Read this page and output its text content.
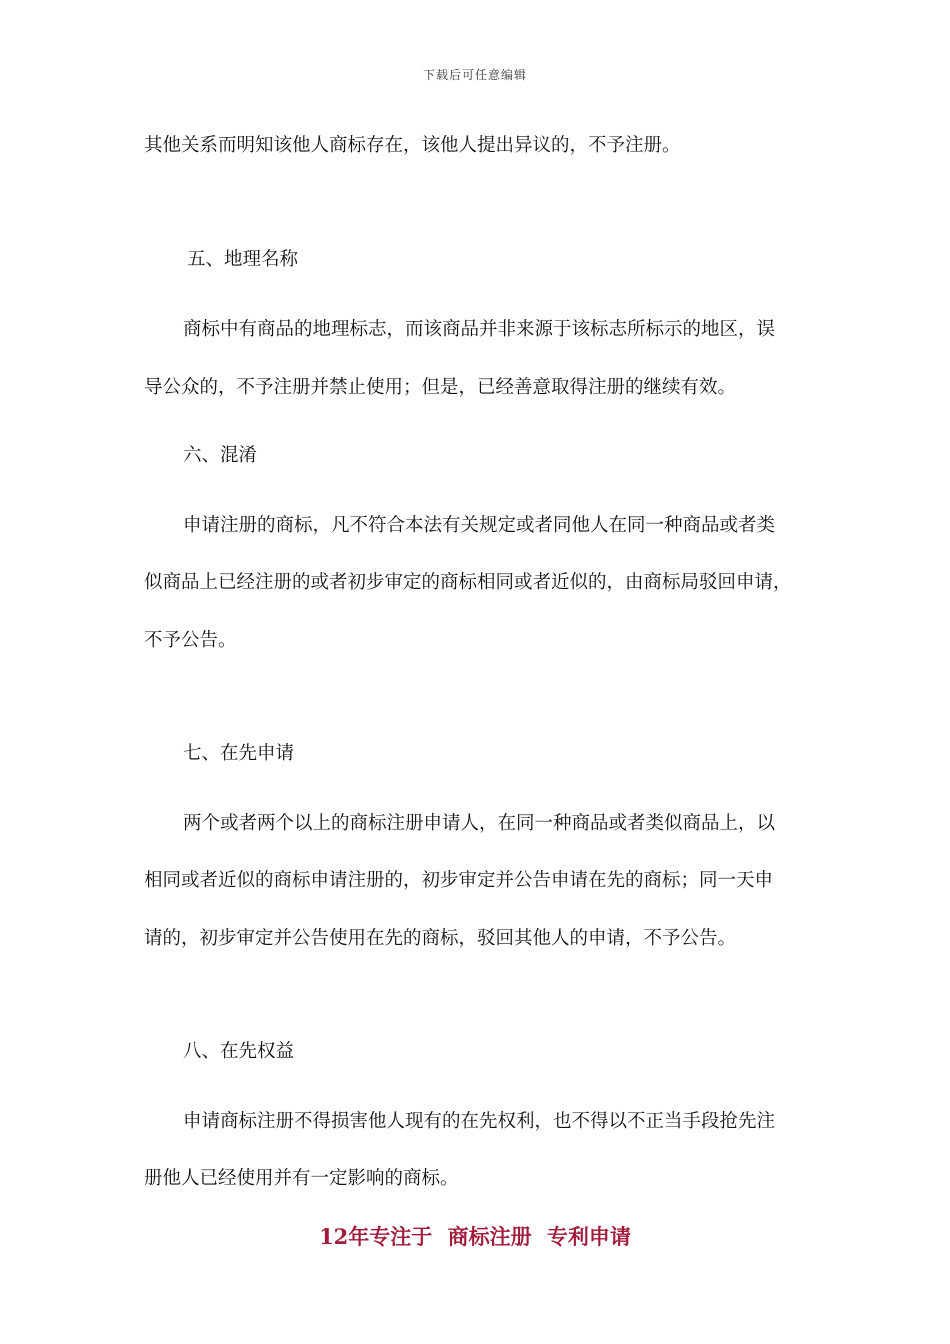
下载后可任意编辑
其他关系而明知该他人商标存在，该他人提出异议的，不予注册。
五、地理名称
商标中有商品的地理标志，而该商品并非来源于该标志所标示的地区，误
导公众的，不予注册并禁止使用；但是，已经善意取得注册的继续有效。
六、混淆
申请注册的商标，凡不符合本法有关规定或者同他人在同一种商品或者类
似商品上已经注册的或者初步审定的商标相同或者近似的，由商标局驳回申请，
不予公告。
七、在先申请
两个或者两个以上的商标注册申请人，在同一种商品或者类似商品上，以
相同或者近似的商标申请注册的，初步审定并公告申请在先的商标；同一天申
请的，初步审定并公告使用在先的商标，驳回其他人的申请，不予公告。
八、在先权益
申请商标注册不得损害他人现有的在先权利，也不得以不正当手段抢先注
册他人已经使用并有一定影响的商标。
12年专注于 商标注册 专利申请
